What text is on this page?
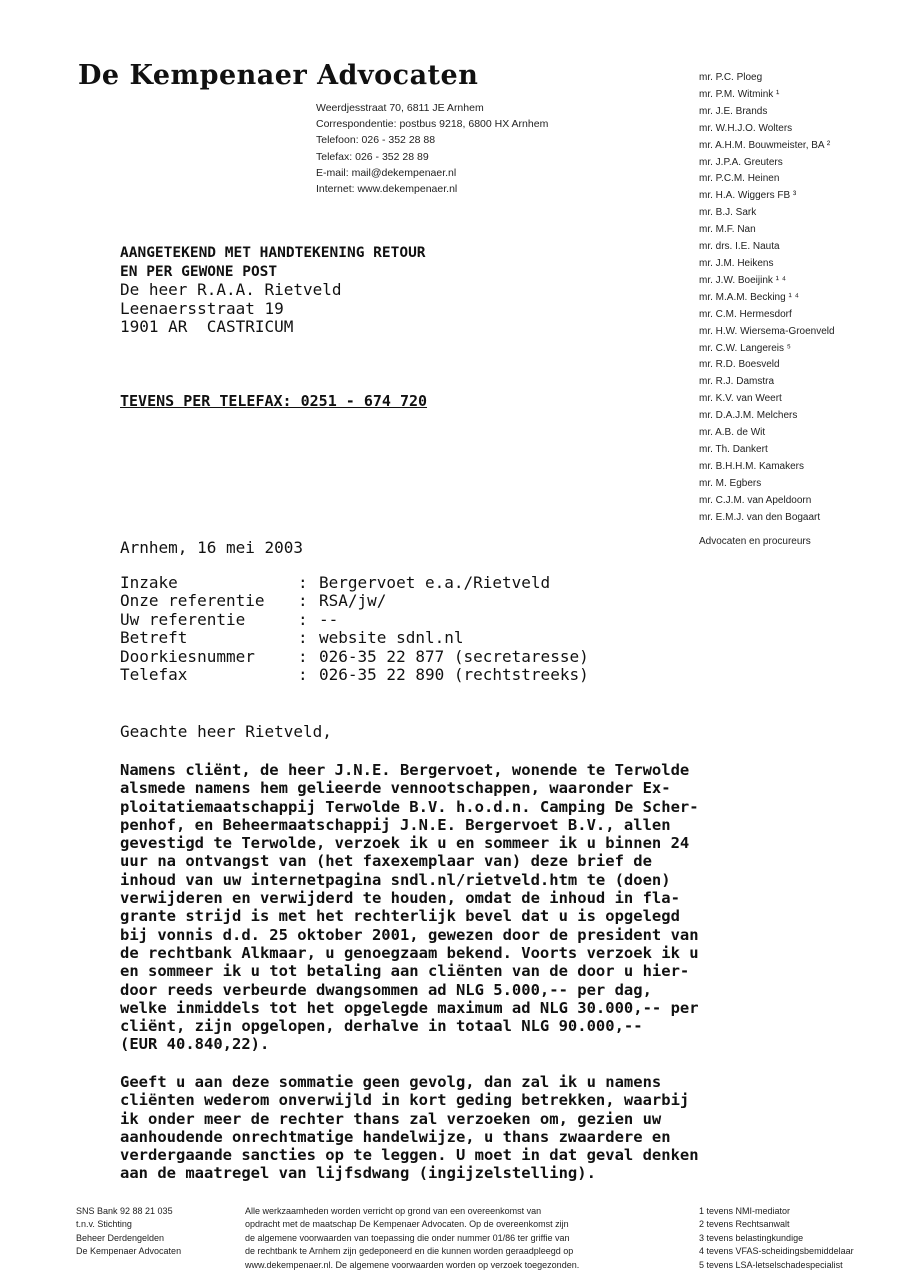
De Kempenaer Advocaten
Weerdjesstraat 70, 6811 JE Arnhem
Correspondentie: postbus 9218, 6800 HX Arnhem
Telefoon: 026 - 352 28 88
Telefax: 026 - 352 28 89
E-mail: mail@dekempenaer.nl
Internet: www.dekempenaer.nl
mr. P.C. Ploeg
mr. P.M. Witmink ¹
mr. J.E. Brands
mr. W.H.J.O. Wolters
mr. A.H.M. Bouwmeister, BA ²
mr. J.P.A. Greuters
mr. P.C.M. Heinen
mr. H.A. Wiggers FB ³
mr. B.J. Sark
mr. M.F. Nan
mr. drs. I.E. Nauta
mr. J.M. Heikens
mr. J.W. Boeijink ¹ ⁴
mr. M.A.M. Becking ¹ ⁴
mr. C.M. Hermesdorf
mr. H.W. Wiersema-Groenveld
mr. C.W. Langereis ⁵
mr. R.D. Boesveld
mr. R.J. Damstra
mr. K.V. van Weert
mr. D.A.J.M. Melchers
mr. A.B. de Wit
mr. Th. Dankert
mr. B.H.H.M. Kamakers
mr. M. Egbers
mr. C.J.M. van Apeldoorn
mr. E.M.J. van den Bogaart
Advocaten en procureurs
AANGETEKEND MET HANDTEKENING RETOUR
EN PER GEWONE POST
De heer R.A.A. Rietveld
Leenaersstraat 19
1901 AR  CASTRICUM
TEVENS PER TELEFAX: 0251 - 674 720
Arnhem, 16 mei 2003
Inzake	: Bergervoet e.a./Rietveld
Onze referentie	: RSA/jw/
Uw referentie	: --
Betreft	: website sdnl.nl
Doorkiesnummer	: 026-35 22 877 (secretaresse)
Telefax	: 026-35 22 890 (rechtstreeks)
Geachte heer Rietveld,
Namens cliënt, de heer J.N.E. Bergervoet, wonende te Terwolde
alsmede namens hem gelieerde vennootschappen, waaronder Ex-
ploitatiemaatschappij Terwolde B.V. h.o.d.n. Camping De Scher-
penhof, en Beheermaatschappij J.N.E. Bergervoet B.V., allen
gevestigd te Terwolde, verzoek ik u en sommeer ik u binnen 24
uur na ontvangst van (het faxexemplaar van) deze brief de
inhoud van uw internetpagina sndl.nl/rietveld.htm te (doen)
verwijderen en verwijderd te houden, omdat de inhoud in fla-
grante strijd is met het rechterlijk bevel dat u is opgelegd
bij vonnis d.d. 25 oktober 2001, gewezen door de president van
de rechtbank Alkmaar, u genoegzaam bekend. Voorts verzoek ik u
en sommeer ik u tot betaling aan cliënten van de door u hier-
door reeds verbeurde dwangsommen ad NLG 5.000,-- per dag,
welke inmiddels tot het opgelegde maximum ad NLG 30.000,-- per
cliënt, zijn opgelopen, derhalve in totaal NLG 90.000,--
(EUR 40.840,22).
Geeft u aan deze sommatie geen gevolg, dan zal ik u namens
cliënten wederom onverwijld in kort geding betrekken, waarbij
ik onder meer de rechter thans zal verzoeken om, gezien uw
aanhoudende onrechtmatige handelwijze, u thans zwaardere en
verdergaande sancties op te leggen. U moet in dat geval denken
aan de maatregel van lijfsdwang (ingijzelstelling).
SNS Bank 92 88 21 035
t.n.v. Stichting
Beheer Derdengelden
De Kempenaer Advocaten
Alle werkzaamheden worden verricht op grond van een overeenkomst van
opdracht met de maatschap De Kempenaer Advocaten. Op de overeenkomst zijn
de algemene voorwaarden van toepassing die onder nummer 01/86 ter griffie van
de rechtbank te Arnhem zijn gedeponeerd en die kunnen worden geraadpleegd op
www.dekempenaer.nl. De algemene voorwaarden worden op verzoek toegezonden.
1 tevens NMI-mediator
2 tevens Rechtsanwalt
3 tevens belastingkundige
4 tevens VFAS-scheidingsbemiddelaar
5 tevens LSA-letselschadespecialist
